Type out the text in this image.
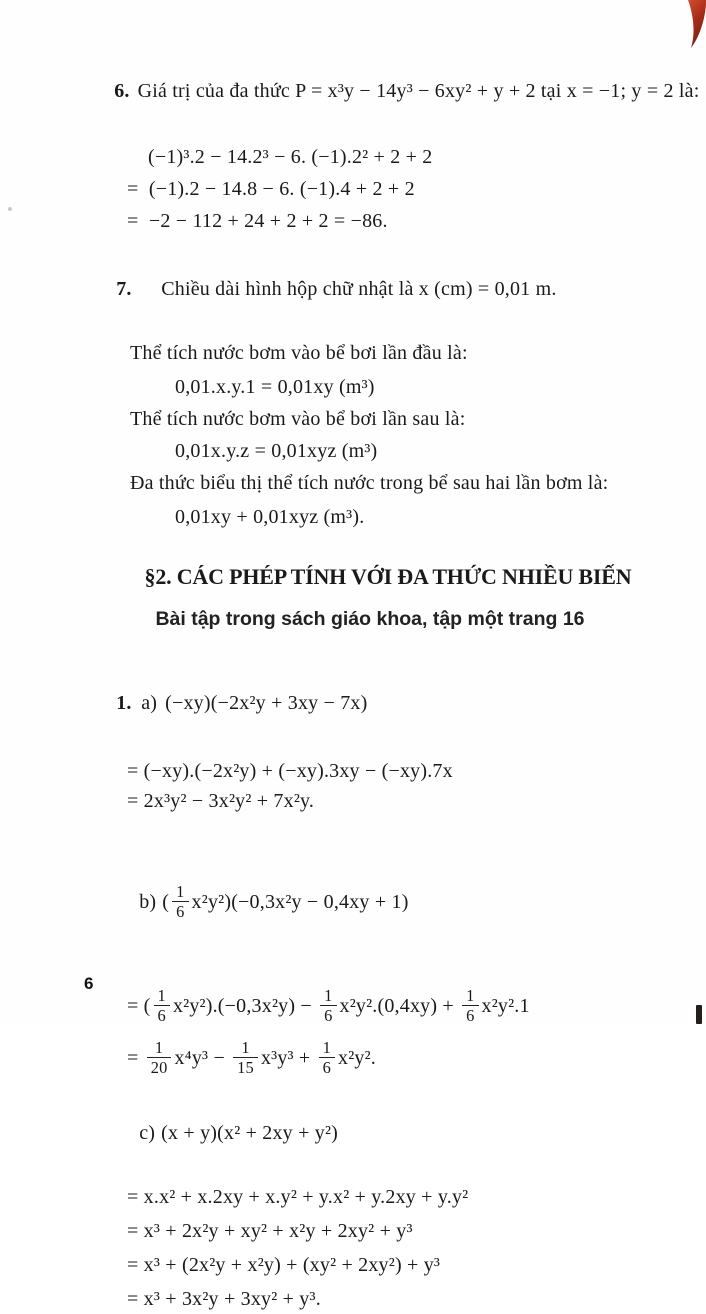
6. Giá trị của đa thức P = x³y − 14y³ − 6xy² + y + 2 tại x = −1; y = 2 là:

(−1)³.2 − 14.2³ − 6. (−1).2² + 2 + 2
=  (−1).2 − 14.8 − 6. (−1).4 + 2 + 2
=  −2 − 112 + 24 + 2 + 2 = −86.

7. Chiều dài hình hộp chữ nhật là x (cm) = 0,01 m.

Thể tích nước bơm vào bể bơi lần đầu là:
0,01.x.y.1 = 0,01xy (m³)
Thể tích nước bơm vào bể bơi lần sau là:
0,01x.y.z = 0,01xyz (m³)
Đa thức biểu thị thể tích nước trong bể sau hai lần bơm là:
0,01xy + 0,01xyz (m³).
§2. CÁC PHÉP TÍNH VỚI ĐA THỨC NHIỀU BIẾN
Bài tập trong sách giáo khoa, tập một trang 16

1. a) (−xy)(−2x²y + 3xy − 7x)

= (−xy).(−2x²y) + (−xy).3xy − (−xy).7x
= 2x³y² − 3x²y² + 7x²y.

b) ( $\frac{1}{6} x^2y^2)(-0,3x^2y - 0,4xy + 1)$

= ( $\frac{1}{6} x^2y^2).(-0,3x^2y) - \frac{1}{6} x^2y^2.(0,4xy) + \frac{1}{6} x^2y^2.1$
= $\frac{1}{20} x^4y^3 - \frac{1}{15} x^3y^3 + \frac{1}{6} x^2y^2$.

c) (x + y)(x² + 2xy + y²)

= x.x² + x.2xy + x.y² + y.x² + y.2xy + y.y²
= x³ + 2x²y + xy² + x²y + 2xy² + y³
= x³ + (2x²y + x²y) + (xy² + 2xy²) + y³
= x³ + 3x²y + 3xy² + y³.
6
